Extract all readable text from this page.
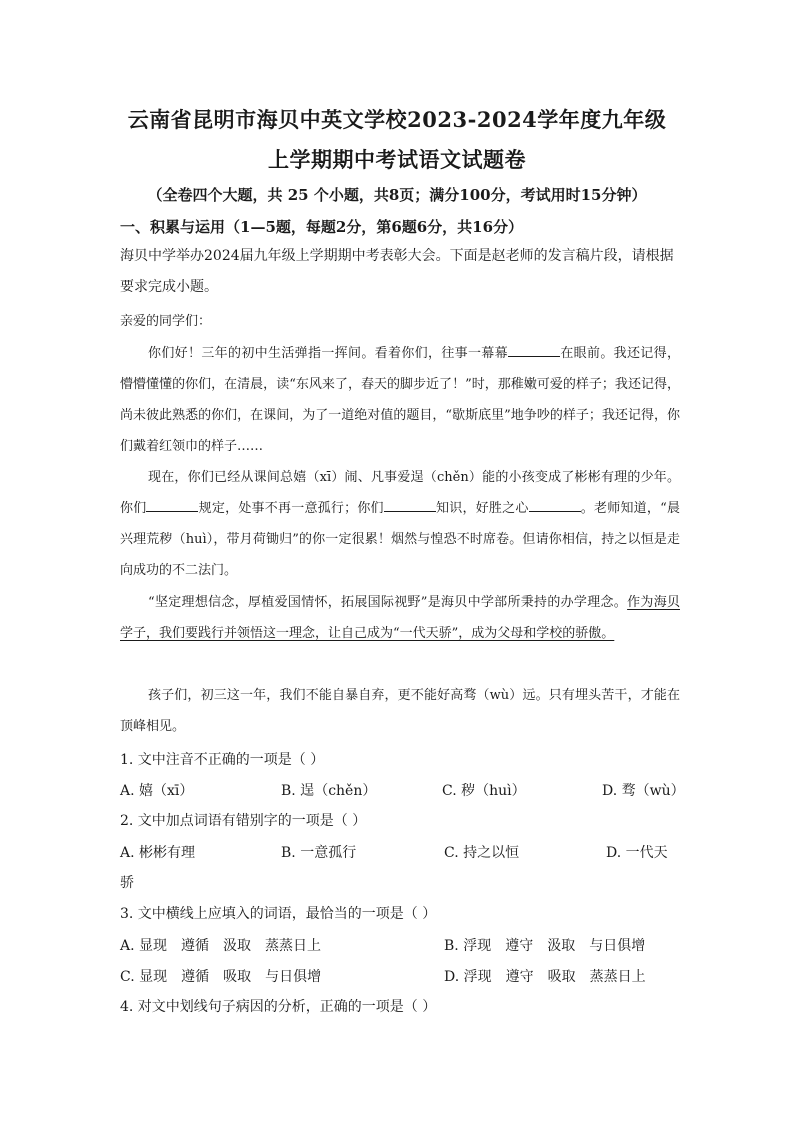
云南省昆明市海贝中英文学校2023-2024学年度九年级
上学期期中考试语文试题卷
（全卷四个大题，共 25 个小题，共8页；满分100分，考试用时15分钟）
一、积累与运用（1—5题，每题2分，第6题6分，共16分）
海贝中学举办2024届九年级上学期期中考表彰大会。下面是赵老师的发言稿片段，请根据
要求完成小题。
亲爱的同学们：
你们好！三年的初中生活弹指一挥间。看着你们，往事一幕幕	在眼前。我还记得，懵懵懂懂的你们，在清晨，读“东风来了，春天的脚步近了！”时，那稚嫩可爱的样子；我还记得，尚未彼此熟悉的你们，在课间，为了一道绝对值的题目，“歇斯底里”地争吵的样子；我还记得，你们戴着红领巾的样子……
现在，你们已经从课间总嬉（xī）闹、凡事爱逞（chěn）能的小孩变成了彬彬有理的少年。你们	规定，处事不再一意孤行；你们	知识，好胜之心	。老师知道，“晨兴理荒秽（huì），带月荷锄归”的你一定很累！烟然与惶恐不时席卷。但请你相信，持之以恒是走向成功的不二法门。
“坚定理想信念，厚植爱国情怀，拓展国际视野”是海贝中学部所秉持的办学理念。作为海贝学子，我们要践行并领悟这一理念，让自己成为“一代天骄”，成为父母和学校的骄傲。
孩子们，初三这一年，我们不能自暴自弃，更不能好高骛（wù）远。只有埋头苦干，才能在顶峰相见。
1. 文中注音不正确的一项是（ ）
A. 嬉（xī）	B. 逞（chěn）	C. 秽（huì）	D. 骛（wù）
2. 文中加点词语有错别字的一项是（ ）
A. 彬彬有理	B. 一意孤行	C. 持之以恒	D. 一代天
骄
3. 文中横线上应填入的词语，最恰当的一项是（ ）
A. 显现　遵循　汲取　蒸蒸日上	B. 浮现　遵守　汲取　与日俱增
C. 显现　遵循　吸取　与日俱增	D. 浮现　遵守　吸取　蒸蒸日上
4. 对文中划线句子病因的分析，正确的一项是（ ）
